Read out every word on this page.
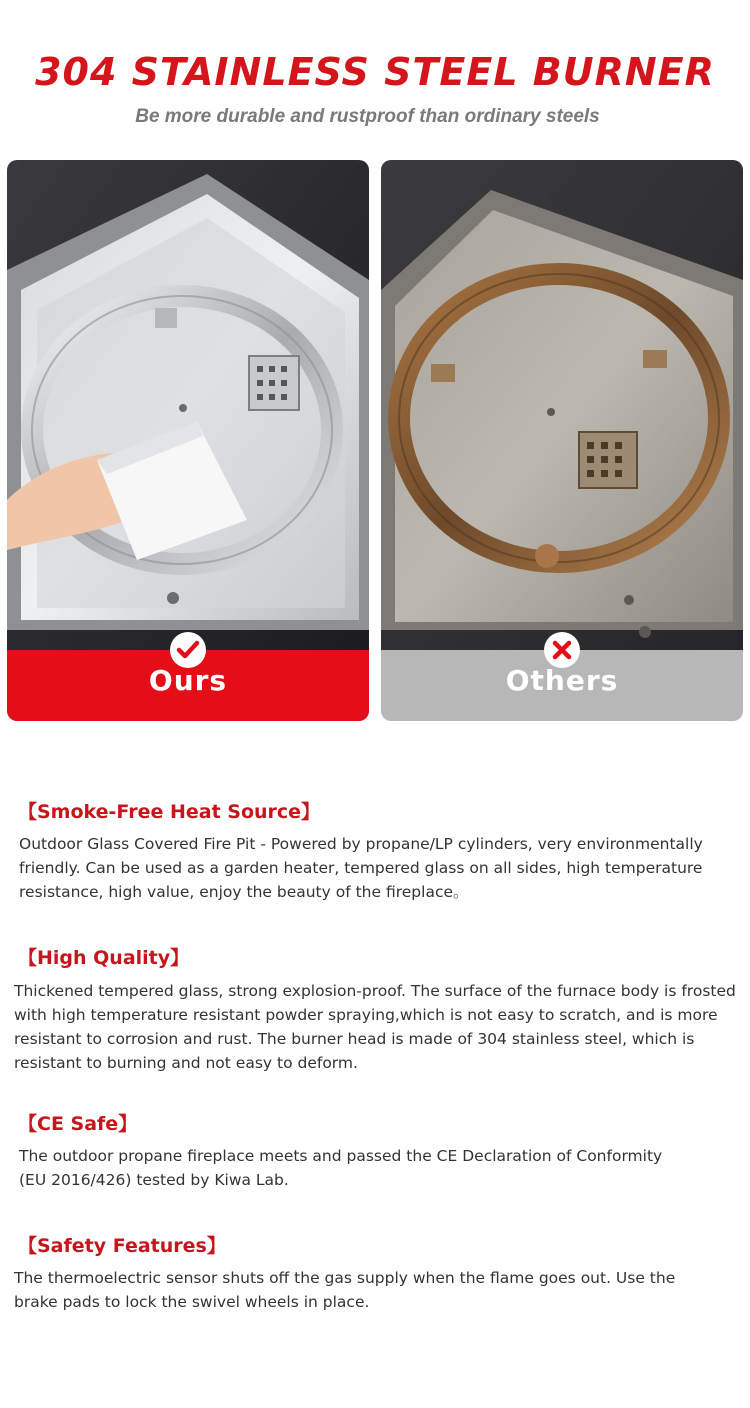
304 STAINLESS STEEL BURNER
Be more durable and rustproof than ordinary steels
Ours	Others
【Smoke-Free Heat Source】
Outdoor Glass Covered Fire Pit - Powered by propane/LP cylinders, very environmentally
friendly. Can be used as a garden heater, tempered glass on all sides, high temperature
resistance, high value, enjoy the beauty of the fireplace。
【High Quality】
Thickened tempered glass, strong explosion-proof. The surface of the furnace body is frosted
with high temperature resistant powder spraying,which is not easy to scratch, and is more
resistant to corrosion and rust. The burner head is made of 304 stainless steel, which is
resistant to burning and not easy to deform.
【CE Safe】
The outdoor propane fireplace meets and passed the CE Declaration of Conformity
(EU 2016/426) tested by Kiwa Lab.
【Safety Features】
The thermoelectric sensor shuts off the gas supply when the flame goes out. Use the
brake pads to lock the swivel wheels in place.
